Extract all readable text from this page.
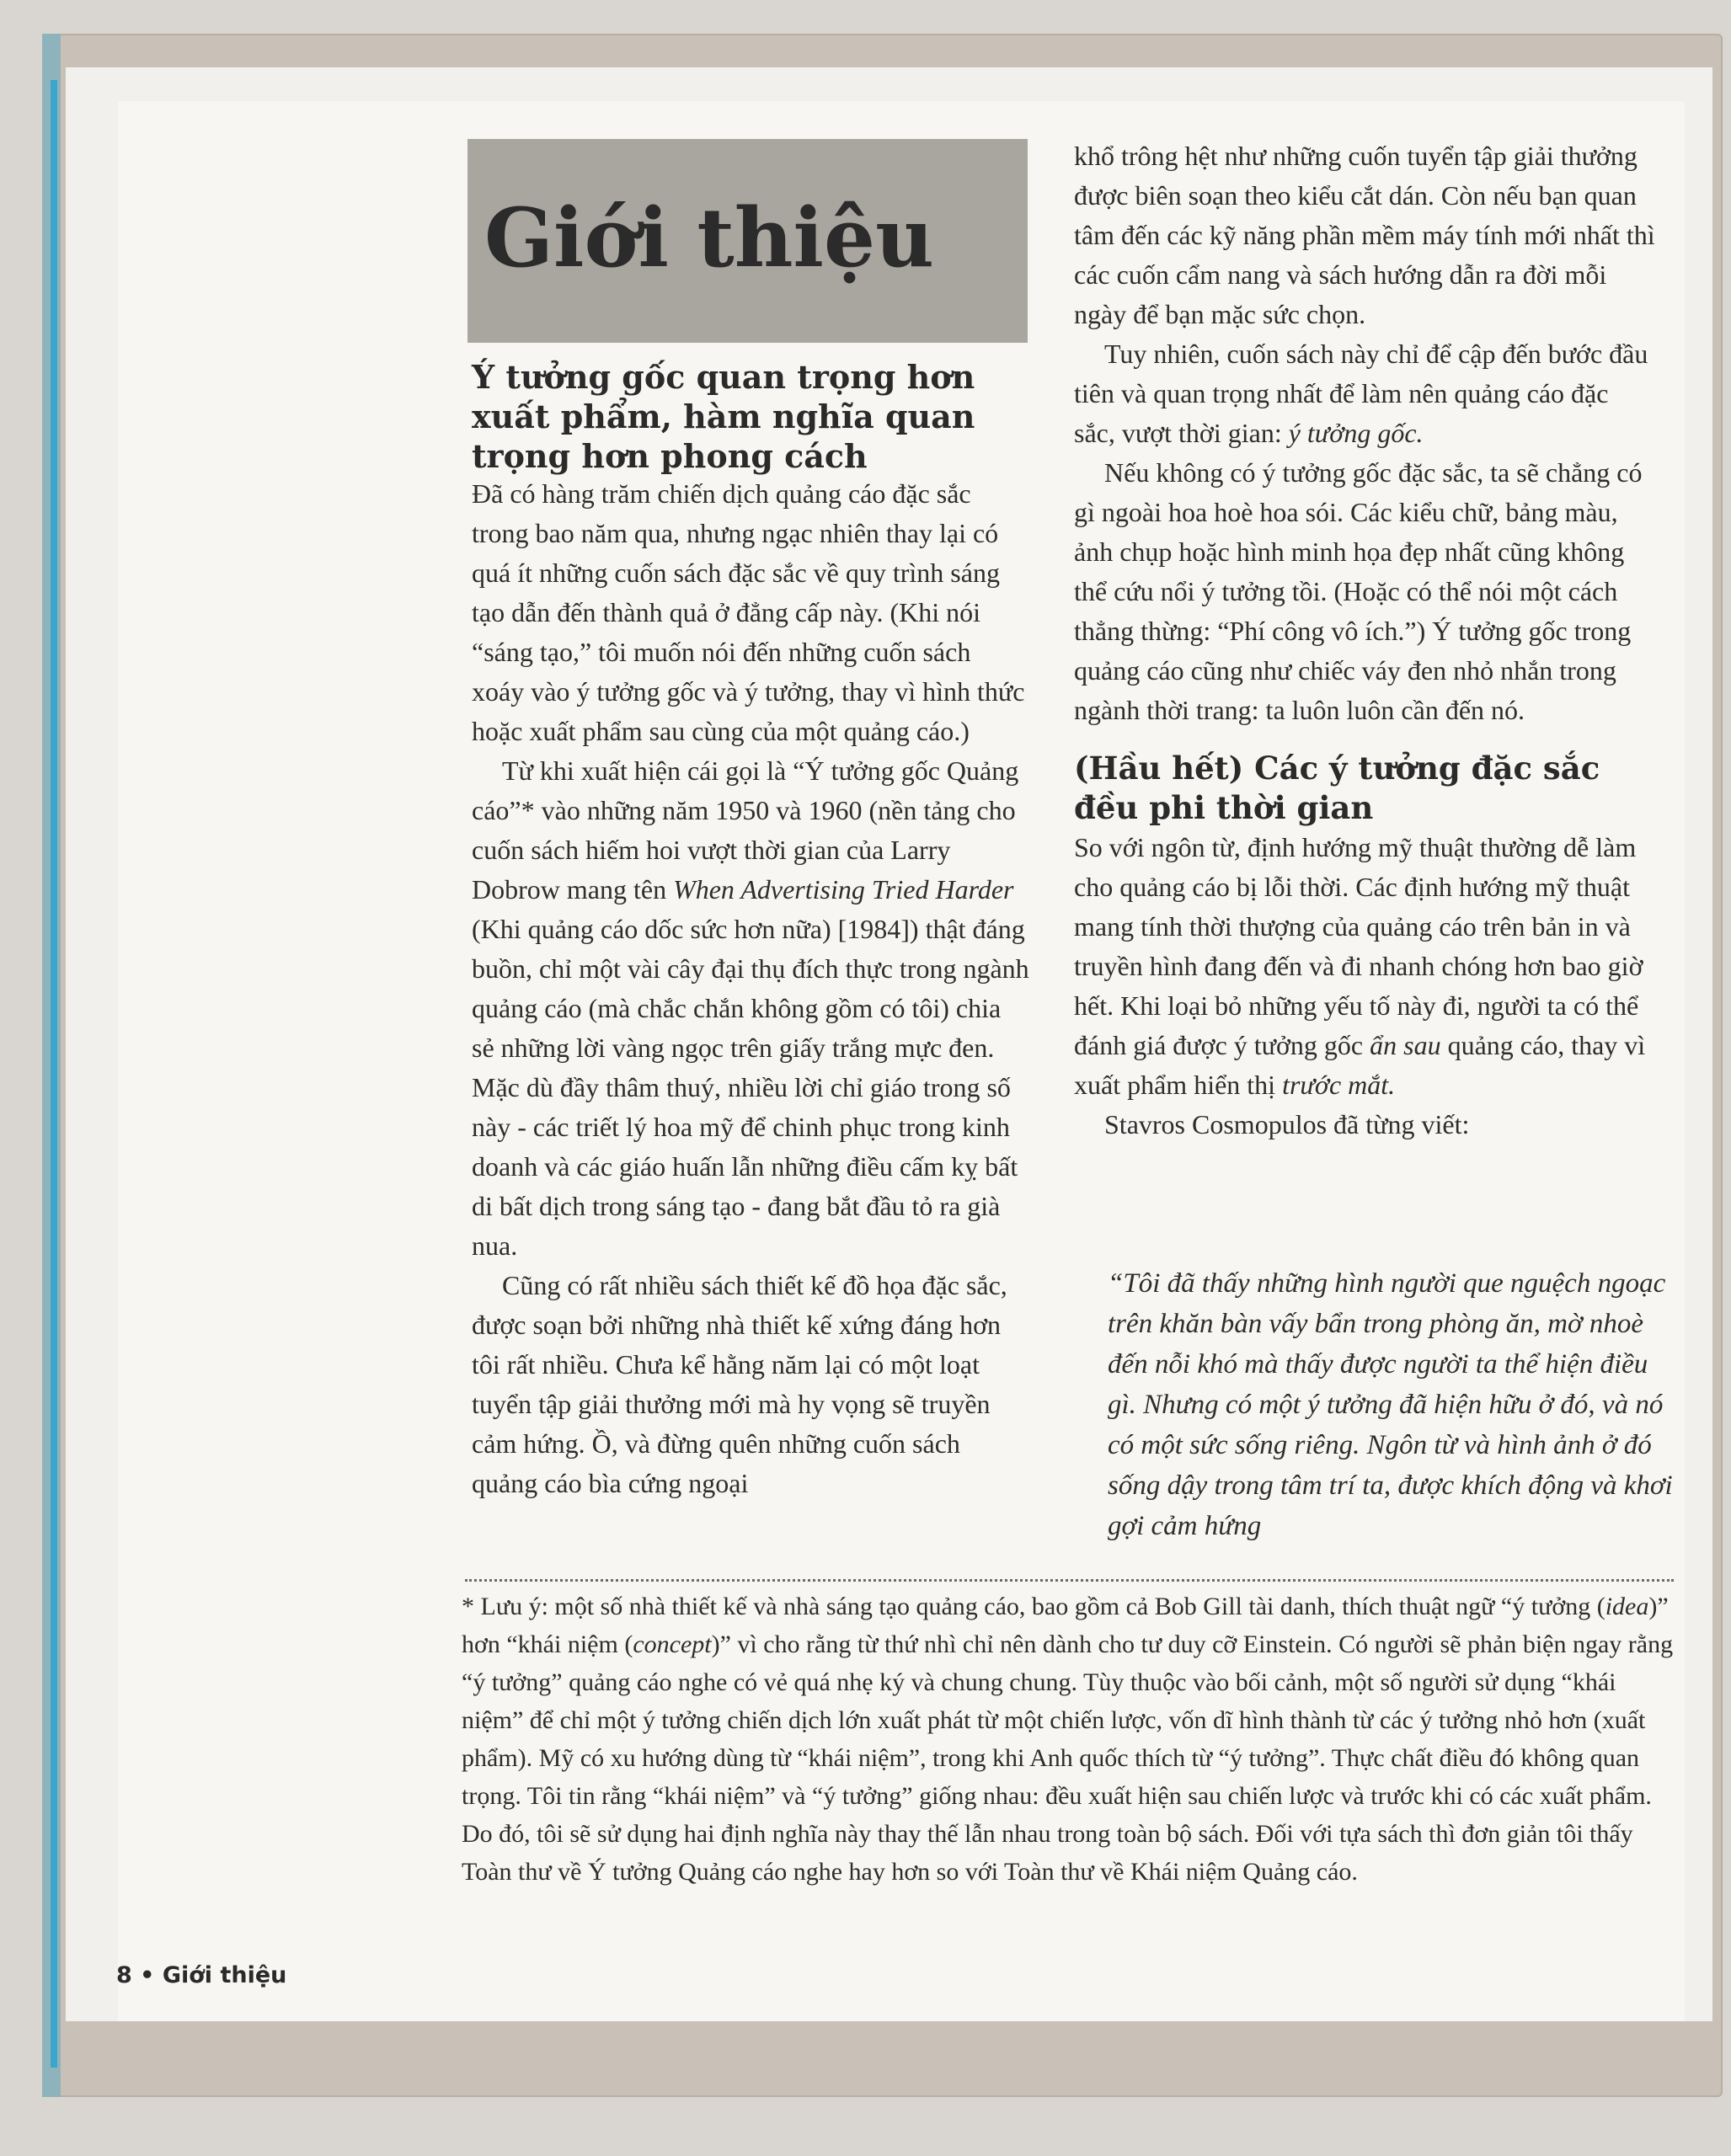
Giới thiệu
Ý tưởng gốc quan trọng hơn xuất phẩm, hàm nghĩa quan trọng hơn phong cách

Đã có hàng trăm chiến dịch quảng cáo đặc sắc trong bao năm qua, nhưng ngạc nhiên thay lại có quá ít những cuốn sách đặc sắc về quy trình sáng tạo dẫn đến thành quả ở đẳng cấp này. (Khi nói “sáng tạo,” tôi muốn nói đến những cuốn sách xoáy vào ý tưởng gốc và ý tưởng, thay vì hình thức hoặc xuất phẩm sau cùng của một quảng cáo.)

Từ khi xuất hiện cái gọi là “Ý tưởng gốc Quảng cáo”* vào những năm 1950 và 1960 (nền tảng cho cuốn sách hiếm hoi vượt thời gian của Larry Dobrow mang tên When Advertising Tried Harder (Khi quảng cáo dốc sức hơn nữa) [1984]) thật đáng buồn, chỉ một vài cây đại thụ đích thực trong ngành quảng cáo (mà chắc chắn không gồm có tôi) chia sẻ những lời vàng ngọc trên giấy trắng mực đen. Mặc dù đầy thâm thuý, nhiều lời chỉ giáo trong số này - các triết lý hoa mỹ để chinh phục trong kinh doanh và các giáo huấn lẫn những điều cấm kỵ bất di bất dịch trong sáng tạo - đang bắt đầu tỏ ra già nua.

Cũng có rất nhiều sách thiết kế đồ họa đặc sắc, được soạn bởi những nhà thiết kế xứng đáng hơn tôi rất nhiều. Chưa kể hằng năm lại có một loạt tuyển tập giải thưởng mới mà hy vọng sẽ truyền cảm hứng. Ồ, và đừng quên những cuốn sách quảng cáo bìa cứng ngoại

khổ trông hệt như những cuốn tuyển tập giải thưởng được biên soạn theo kiểu cắt dán. Còn nếu bạn quan tâm đến các kỹ năng phần mềm máy tính mới nhất thì các cuốn cẩm nang và sách hướng dẫn ra đời mỗi ngày để bạn mặc sức chọn.

Tuy nhiên, cuốn sách này chỉ để cập đến bước đầu tiên và quan trọng nhất để làm nên quảng cáo đặc sắc, vượt thời gian: ý tưởng gốc.

Nếu không có ý tưởng gốc đặc sắc, ta sẽ chẳng có gì ngoài hoa hoè hoa sói. Các kiểu chữ, bảng màu, ảnh chụp hoặc hình minh họa đẹp nhất cũng không thể cứu nổi ý tưởng tồi. (Hoặc có thể nói một cách thẳng thừng: “Phí công vô ích.”) Ý tưởng gốc trong quảng cáo cũng như chiếc váy đen nhỏ nhắn trong ngành thời trang: ta luôn luôn cần đến nó.

(Hầu hết) Các ý tưởng đặc sắc đều phi thời gian

So với ngôn từ, định hướng mỹ thuật thường dễ làm cho quảng cáo bị lỗi thời. Các định hướng mỹ thuật mang tính thời thượng của quảng cáo trên bản in và truyền hình đang đến và đi nhanh chóng hơn bao giờ hết. Khi loại bỏ những yếu tố này đi, người ta có thể đánh giá được ý tưởng gốc ẩn sau quảng cáo, thay vì xuất phẩm hiển thị trước mắt.

Stavros Cosmopulos đã từng viết:

“Tôi đã thấy những hình người que nguệch ngoạc trên khăn bàn vấy bẩn trong phòng ăn, mờ nhoè đến nỗi khó mà thấy được người ta thể hiện điều gì. Nhưng có một ý tưởng đã hiện hữu ở đó, và nó có một sức sống riêng. Ngôn từ và hình ảnh ở đó sống dậy trong tâm trí ta, được khích động và khơi gợi cảm hứng

* Lưu ý: một số nhà thiết kế và nhà sáng tạo quảng cáo, bao gồm cả Bob Gill tài danh, thích thuật ngữ “ý tưởng (idea)” hơn “khái niệm (concept)” vì cho rằng từ thứ nhì chỉ nên dành cho tư duy cỡ Einstein. Có người sẽ phản biện ngay rằng “ý tưởng” quảng cáo nghe có vẻ quá nhẹ ký và chung chung. Tùy thuộc vào bối cảnh, một số người sử dụng “khái niệm” để chỉ một ý tưởng chiến dịch lớn xuất phát từ một chiến lược, vốn dĩ hình thành từ các ý tưởng nhỏ hơn (xuất phẩm). Mỹ có xu hướng dùng từ “khái niệm”, trong khi Anh quốc thích từ “ý tưởng”. Thực chất điều đó không quan trọng. Tôi tin rằng “khái niệm” và “ý tưởng” giống nhau: đều xuất hiện sau chiến lược và trước khi có các xuất phẩm. Do đó, tôi sẽ sử dụng hai định nghĩa này thay thế lẫn nhau trong toàn bộ sách. Đối với tựa sách thì đơn giản tôi thấy Toàn thư về Ý tưởng Quảng cáo nghe hay hơn so với Toàn thư về Khái niệm Quảng cáo.

8 • Giới thiệu
